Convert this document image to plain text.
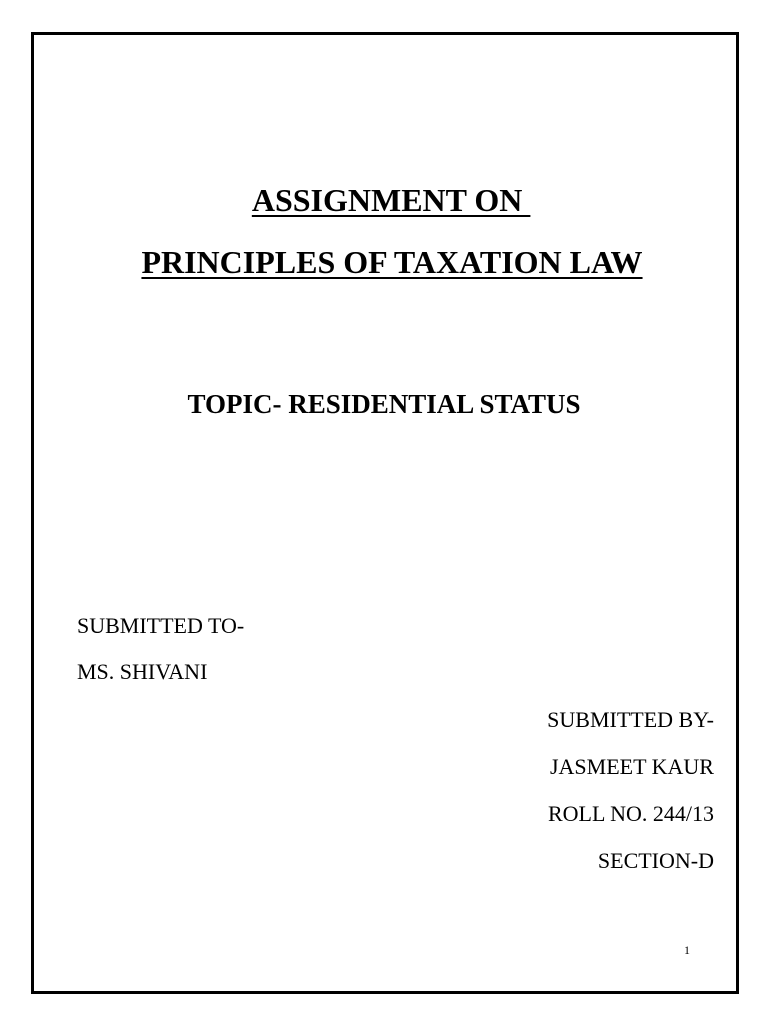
ASSIGNMENT ON

PRINCIPLES OF TAXATION LAW

TOPIC- RESIDENTIAL STATUS
SUBMITTED TO-
MS. SHIVANI
SUBMITTED BY-
JASMEET KAUR
ROLL NO. 244/13
SECTION-D
1
